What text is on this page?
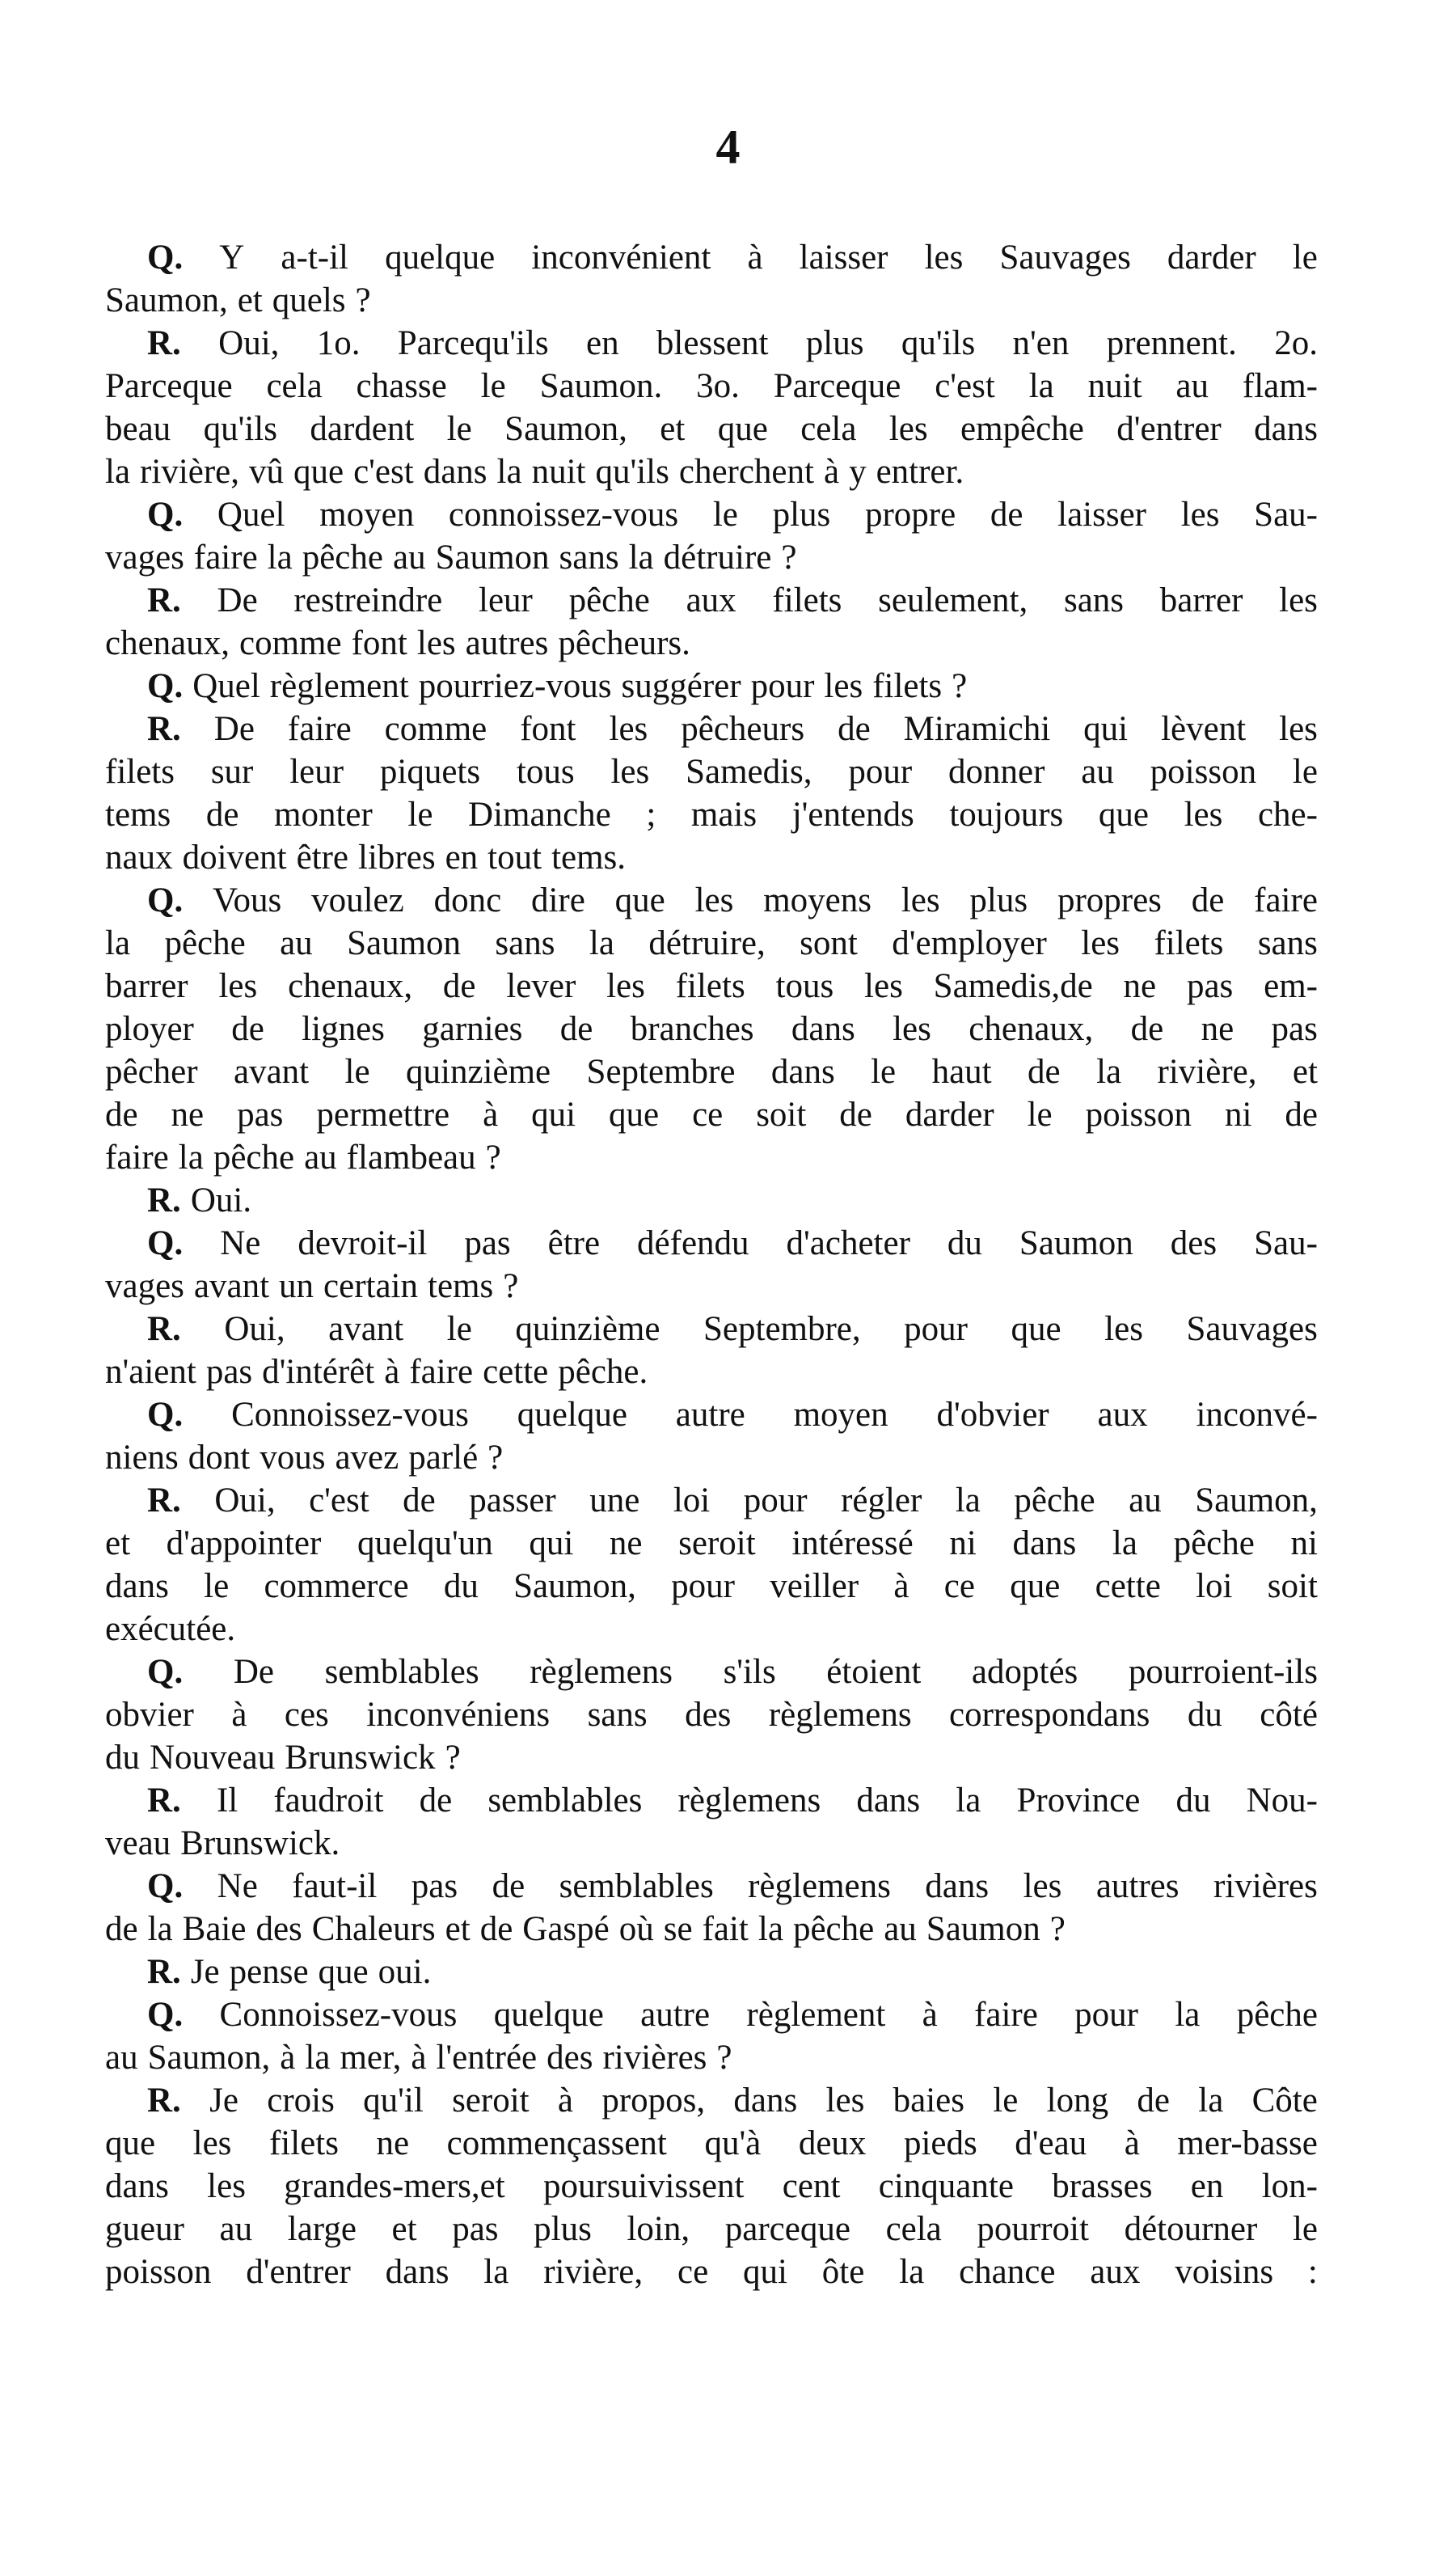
4
Q. Y a-t-il quelque inconvénient à laisser les Sauvages darder le
Saumon, et quels ?
R. Oui, 1o. Parcequ'ils en blessent plus qu'ils n'en prennent. 2o.
Parceque cela chasse le Saumon. 3o. Parceque c'est la nuit au flam-
beau qu'ils dardent le Saumon, et que cela les empêche d'entrer dans
la rivière, vû que c'est dans la nuit qu'ils cherchent à y entrer.
Q. Quel moyen connoissez-vous le plus propre de laisser les Sau-
vages faire la pêche au Saumon sans la détruire ?
R. De restreindre leur pêche aux filets seulement, sans barrer les
chenaux, comme font les autres pêcheurs.
Q. Quel règlement pourriez-vous suggérer pour les filets ?
R. De faire comme font les pêcheurs de Miramichi qui lèvent les
filets sur leur piquets tous les Samedis, pour donner au poisson le
tems de monter le Dimanche ; mais j'entends toujours que les che-
naux doivent être libres en tout tems.
Q. Vous voulez donc dire que les moyens les plus propres de faire
la pêche au Saumon sans la détruire, sont d'employer les filets sans
barrer les chenaux, de lever les filets tous les Samedis,de ne pas em-
ployer de lignes garnies de branches dans les chenaux, de ne pas
pêcher avant le quinzième Septembre dans le haut de la rivière, et
de ne pas permettre à qui que ce soit de darder le poisson ni de
faire la pêche au flambeau ?
R. Oui.
Q. Ne devroit-il pas être défendu d'acheter du Saumon des Sau-
vages avant un certain tems ?
R. Oui, avant le quinzième Septembre, pour que les Sauvages
n'aient pas d'intérêt à faire cette pêche.
Q. Connoissez-vous quelque autre moyen d'obvier aux inconvé-
niens dont vous avez parlé ?
R. Oui, c'est de passer une loi pour régler la pêche au Saumon,
et d'appointer quelqu'un qui ne seroit intéressé ni dans la pêche ni
dans le commerce du Saumon, pour veiller à ce que cette loi soit
exécutée.
Q. De semblables règlemens s'ils étoient adoptés pourroient-ils
obvier à ces inconvéniens sans des règlemens correspondans du côté
du Nouveau Brunswick ?
R. Il faudroit de semblables règlemens dans la Province du Nou-
veau Brunswick.
Q. Ne faut-il pas de semblables règlemens dans les autres rivières
de la Baie des Chaleurs et de Gaspé où se fait la pêche au Saumon ?
R. Je pense que oui.
Q. Connoissez-vous quelque autre règlement à faire pour la pêche
au Saumon, à la mer, à l'entrée des rivières ?
R. Je crois qu'il seroit à propos, dans les baies le long de la Côte
que les filets ne commençassent qu'à deux pieds d'eau à mer-basse
dans les grandes-mers,et poursuivissent cent cinquante brasses en lon-
gueur au large et pas plus loin, parceque cela pourroit détourner le
poisson d'entrer dans la rivière, ce qui ôte la chance aux voisins :
